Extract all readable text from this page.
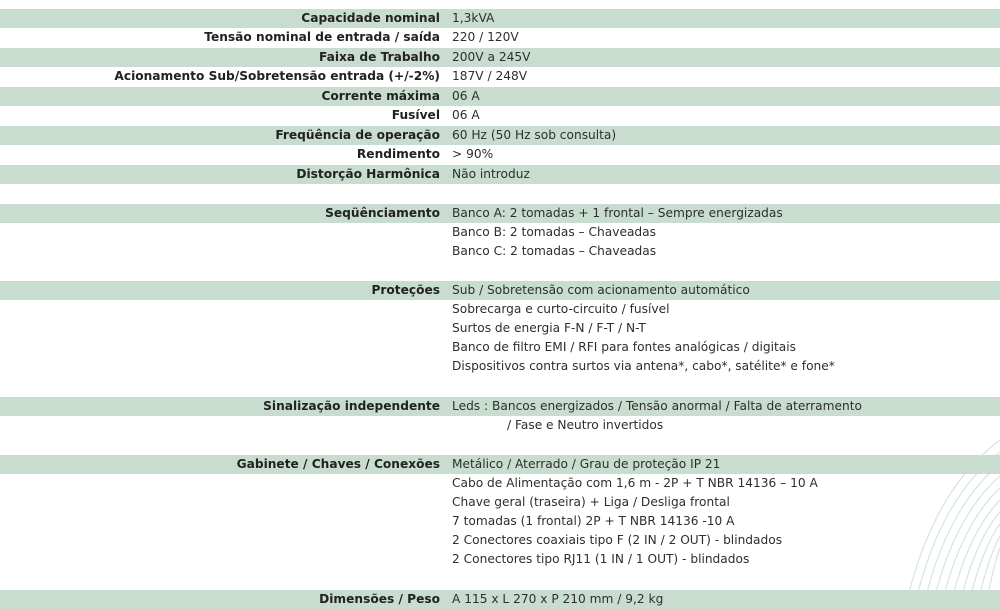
Capacidade nominal 1,3kVA
Tensão nominal de entrada / saída 220 / 120V
Faixa de Trabalho 200V a 245V
Acionamento Sub/Sobretensão entrada (+/-2%) 187V / 248V
Corrente máxima 06 A
Fusível 06 A
Freqüência de operação 60 Hz (50 Hz sob consulta)
Rendimento > 90%
Distorção Harmônica Não introduz
Seqüênciamento Banco A: 2 tomadas + 1 frontal – Sempre energizadas
Banco B: 2 tomadas – Chaveadas
Banco C: 2 tomadas – Chaveadas
Proteções Sub / Sobretensão com acionamento automático
Sobrecarga e curto-circuito / fusível
Surtos de energia F-N / F-T / N-T
Banco de filtro EMI / RFI para fontes analógicas / digitais
Dispositivos contra surtos via antena*, cabo*, satélite* e fone*
Sinalização independente Leds : Bancos energizados / Tensão anormal / Falta de aterramento
/ Fase e Neutro invertidos
Gabinete / Chaves / Conexões Metálico / Aterrado / Grau de proteção IP 21
Cabo de Alimentação com 1,6 m - 2P + T NBR 14136 – 10 A
Chave geral (traseira) + Liga / Desliga frontal
7 tomadas (1 frontal) 2P + T NBR 14136 -10 A
2 Conectores coaxiais tipo F (2 IN / 2 OUT) - blindados
2 Conectores tipo RJ11 (1 IN / 1 OUT) - blindados
Dimensões / Peso A 115 x L 270 x P 210 mm / 9,2 kg
